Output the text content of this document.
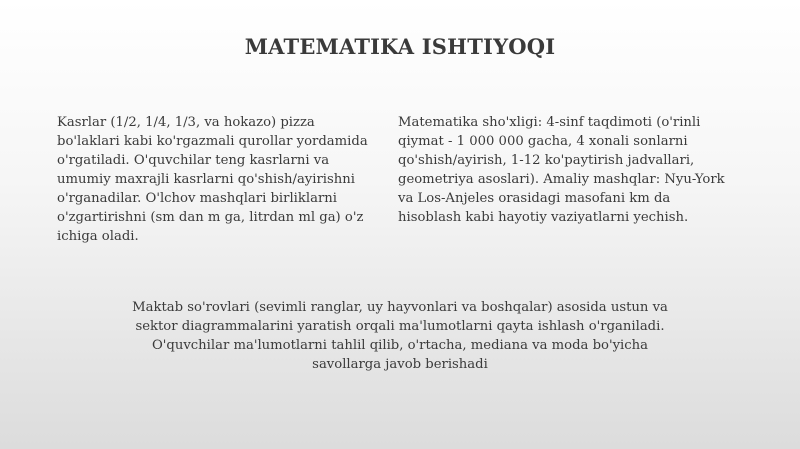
MATEMATIKA ISHTIYOQI

Kasrlar (1/2, 1/4, 1/3, va hokazo) pizza bo'laklari kabi ko'rgazmali qurollar yordamida o'rgatiladi. O'quvchilar teng kasrlarni va umumiy maxrajli kasrlarni qo'shish/ayirishni o'rganadilar. O'lchov mashqlari birliklarni o'zgartirishni (sm dan m ga, litrdan ml ga) o'z ichiga oladi.

Matematika sho'xligi: 4-sinf taqdimoti (o'rinli qiymat - 1 000 000 gacha, 4 xonali sonlarni qo'shish/ayirish, 1-12 ko'paytirish jadvallari, geometriya asoslari). Amaliy mashqlar: Nyu-York va Los-Anjeles orasidagi masofani km da hisoblash kabi hayotiy vaziyatlarni yechish.

Maktab so'rovlari (sevimli ranglar, uy hayvonlari va boshqalar) asosida ustun va sektor diagrammalarini yaratish orqali ma'lumotlarni qayta ishlash o'rganiladi. O'quvchilar ma'lumotlarni tahlil qilib, o'rtacha, mediana va moda bo'yicha savollarga javob berishadi
